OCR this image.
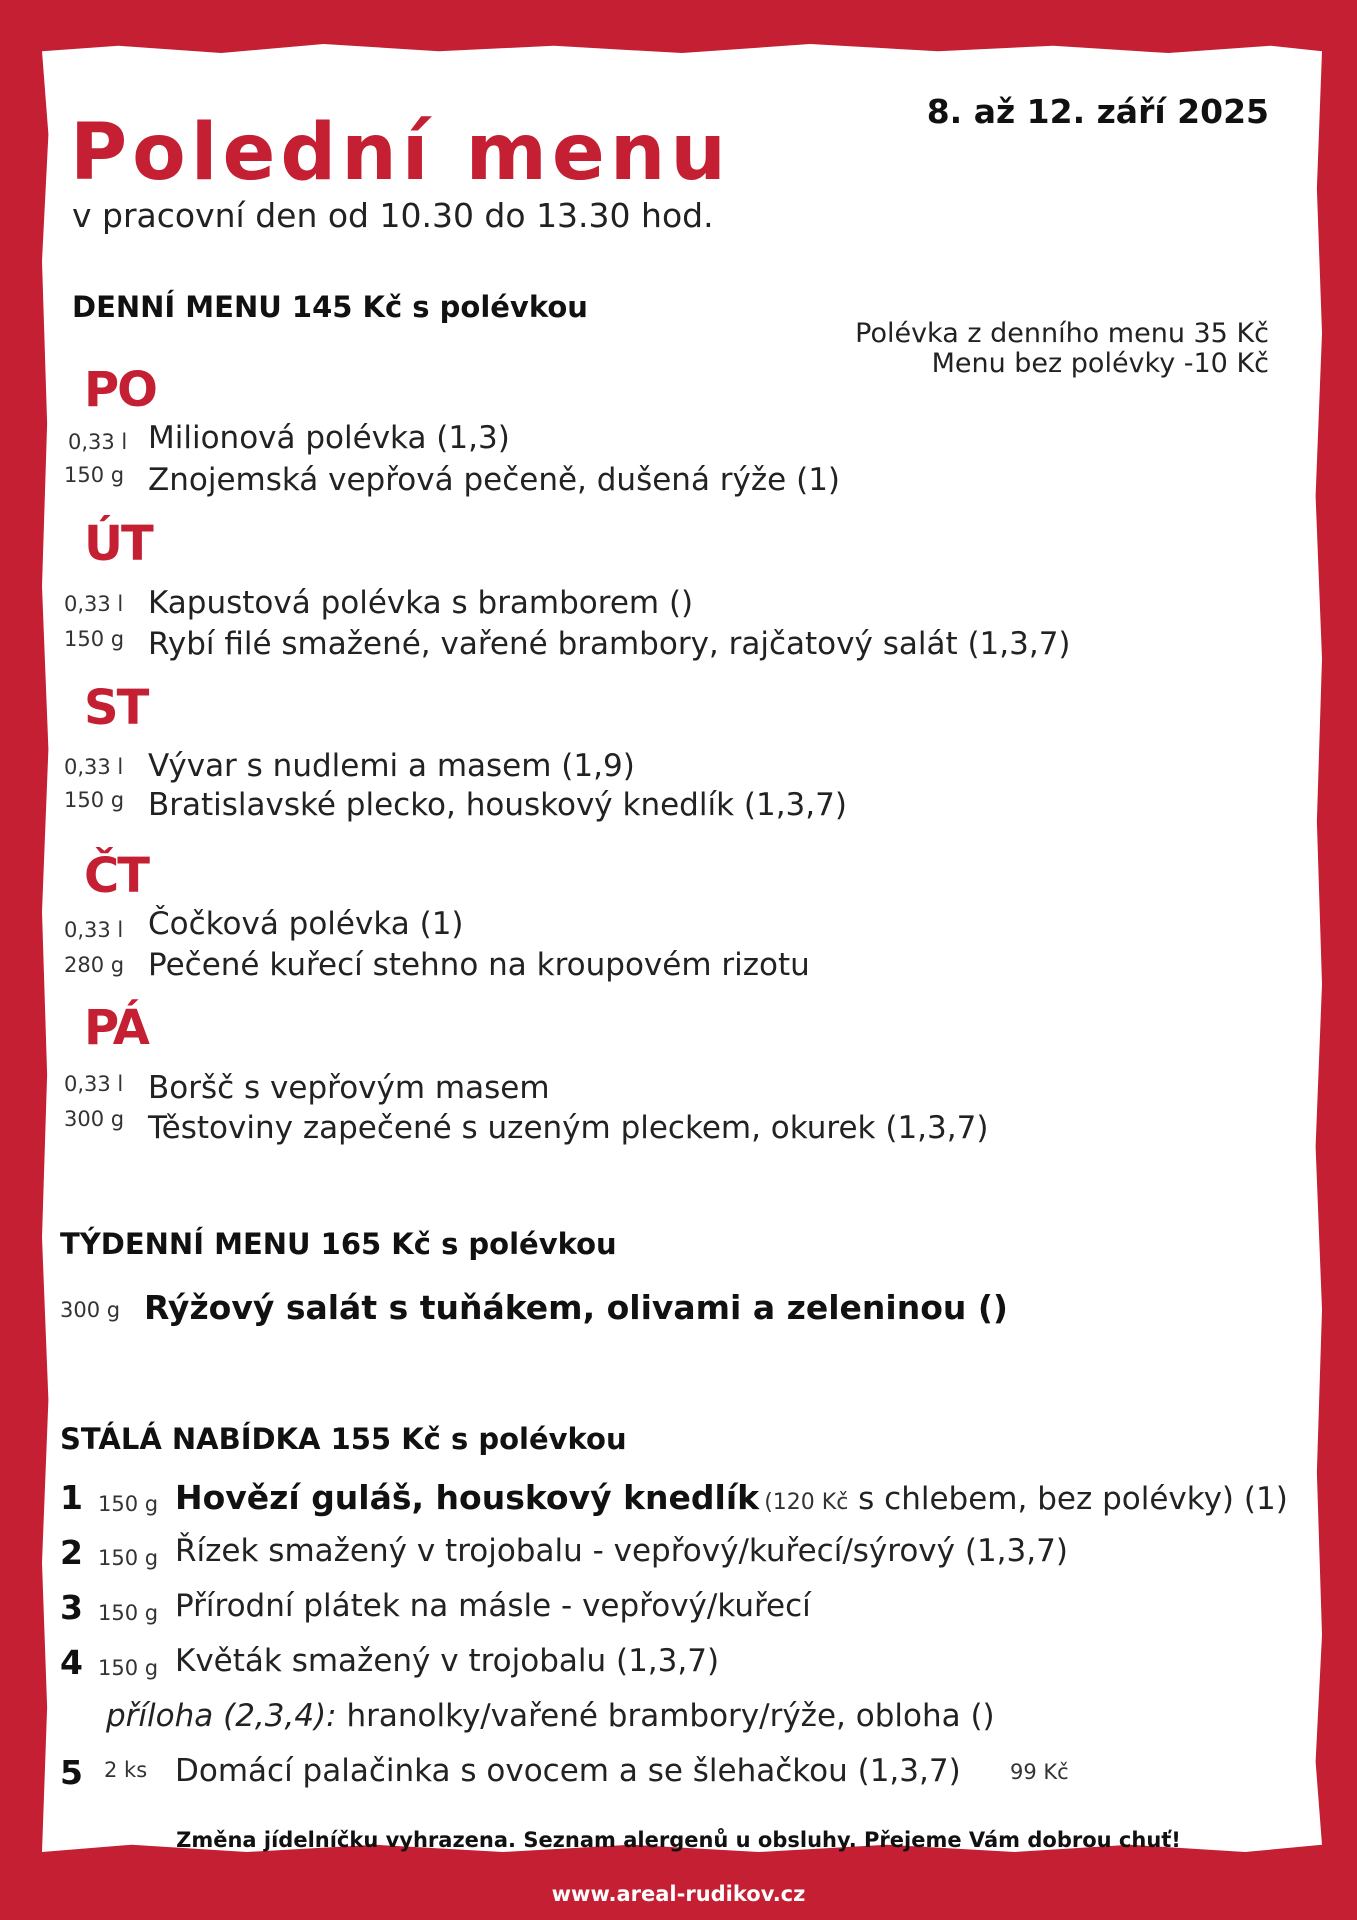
Polední menu
v pracovní den od 10.30 do 13.30 hod.
8. až 12. září 2025
DENNÍ MENU 145 Kč s polévkou
Polévka z denního menu 35 Kč
Menu bez polévky -10 Kč
PO
0,33 l Milionová polévka (1,3)
150 g Znojemská vepřová pečeně, dušená rýže (1)
ÚT
0,33 l Kapustová polévka s bramborem ()
150 g Rybí filé smažené, vařené brambory, rajčatový salát (1,3,7)
ST
0,33 l Vývar s nudlemi a masem (1,9)
150 g Bratislavské plecko, houskový knedlík (1,3,7)
ČT
0,33 l Čočková polévka (1)
280 g Pečené kuřecí stehno na kroupovém rizotu
PÁ
0,33 l Boršč s vepřovým masem
300 g Těstoviny zapečené s uzeným pleckem, okurek (1,3,7)
TÝDENNÍ MENU 165 Kč s polévkou
300 g Rýžový salát s tuňákem, olivami a zeleninou ()
STÁLÁ NABÍDKA 155 Kč s polévkou
1 150 g Hovězí guláš, houskový knedlík (120 Kč s chlebem, bez polévky) (1)
2 150 g Řízek smažený v trojobalu - vepřový/kuřecí/sýrový (1,3,7)
3 150 g Přírodní plátek na másle - vepřový/kuřecí
4 150 g Květák smažený v trojobalu (1,3,7)
příloha (2,3,4): hranolky/vařené brambory/rýže, obloha ()
5 2 ks Domácí palačinka s ovocem a se šlehačkou (1,3,7) 99 Kč
Změna jídelníčku vyhrazena. Seznam alergenů u obsluhy. Přejeme Vám dobrou chuť!
www.areal-rudikov.cz
